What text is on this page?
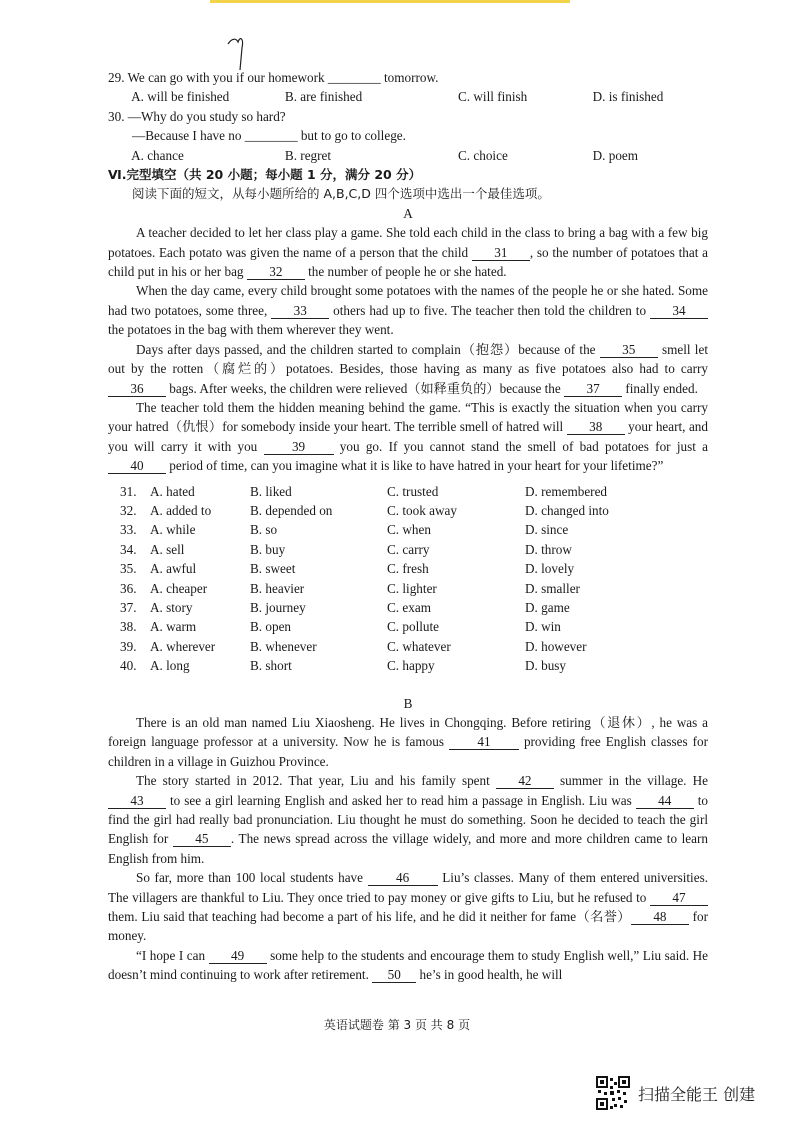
29. We can go with you if our homework ________ tomorrow.
A. will be finished	B. are finished	C. will finish	D. is finished
30. —Why do you study so hard?
—Because I have no ________ but to go to college.
A. chance	B. regret	C. choice	D. poem
Ⅵ.完型填空（共 20 小题；每小题 1 分，满分 20 分）
阅读下面的短文，从每小题所给的 A,B,C,D 四个选项中选出一个最佳选项。
A

A teacher decided to let her class play a game. She told each child in the class to bring a bag with a few big potatoes. Each potato was given the name of a person that the child 31 , so the number of potatoes that a child put in his or her bag 32 the number of people he or she hated.

When the day came, every child brought some potatoes with the names of the people he or she hated. Some had two potatoes, some three, 33 others had up to five. The teacher then told the children to 34 the potatoes in the bag with them wherever they went.

Days after days passed, and the children started to complain（抱怨）because of the 35 smell let out by the rotten（腐烂的）potatoes. Besides, those having as many as five potatoes also had to carry 36 bags. After weeks, the children were relieved（如释重负的）because the 37 finally ended.

The teacher told them the hidden meaning behind the game. “This is exactly the situation when you carry your hatred（仇恨）for somebody inside your heart. The terrible smell of hatred will 38 your heart, and you will carry it with you 39 you go. If you cannot stand the smell of bad potatoes for just a 40 period of time, can you imagine what it is like to have hatred in your heart for your lifetime?”

31.	A. hated	B. liked	C. trusted	D. remembered
32.	A. added to	B. depended on	C. took away	D. changed into
33.	A. while	B. so	C. when	D. since
34.	A. sell	B. buy	C. carry	D. throw
35.	A. awful	B. sweet	C. fresh	D. lovely
36.	A. cheaper	B. heavier	C. lighter	D. smaller
37.	A. story	B. journey	C. exam	D. game
38.	A. warm	B. open	C. pollute	D. win
39.	A. wherever	B. whenever	C. whatever	D. however
40.	A. long	B. short	C. happy	D. busy
B

There is an old man named Liu Xiaosheng. He lives in Chongqing. Before retiring（退休）, he was a foreign language professor at a university. Now he is famous 41 providing free English classes for children in a village in Guizhou Province.

The story started in 2012. That year, Liu and his family spent 42 summer in the village. He 43 to see a girl learning English and asked her to read him a passage in English. Liu was 44 to find the girl had really bad pronunciation. Liu thought he must do something. Soon he decided to teach the girl English for 45 . The news spread across the village widely, and more and more children came to learn English from him.

So far, more than 100 local students have 46 Liu’s classes. Many of them entered universities. The villagers are thankful to Liu. They once tried to pay money or give gifts to Liu, but he refused to 47 them. Liu said that teaching had become a part of his life, and he did it neither for fame（名誉） 48 for money.

“I hope I can 49 some help to the students and encourage them to study English well,” Liu said. He doesn’t mind continuing to work after retirement. 50 he’s in good health, he will

英语试题卷 第 3 页 共 8 页
扫描全能王 创建
